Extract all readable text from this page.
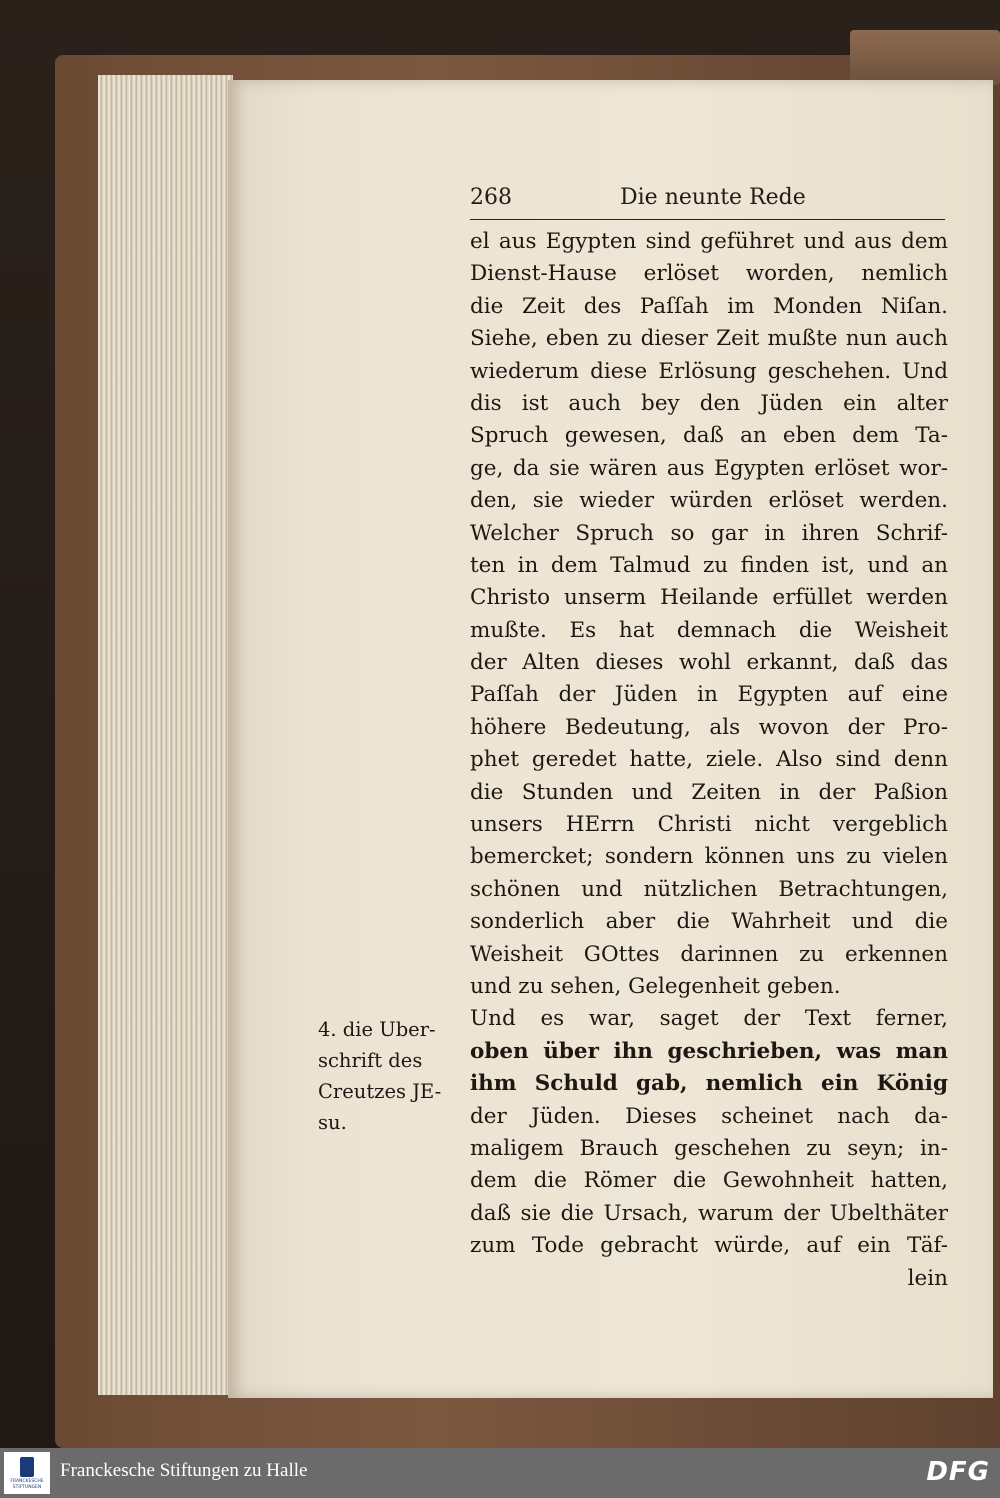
268	Die neunte Rede
el aus Egypten sind geführet und aus dem
Dienst-Hause erlöset worden, nemlich
die Zeit des Paſſah im Monden Niſan.
Siehe, eben zu dieser Zeit mußte nun auch
wiederum diese Erlösung geschehen. Und
dis ist auch bey den Jüden ein alter
Spruch gewesen, daß an eben dem Ta-
ge, da sie wären aus Egypten erlöset wor-
den, sie wieder würden erlöset werden.
Welcher Spruch so gar in ihren Schrif-
ten in dem Talmud zu finden ist, und an
Christo unserm Heilande erfüllet werden
mußte. Es hat demnach die Weisheit
der Alten dieses wohl erkannt, daß das
Paſſah der Jüden in Egypten auf eine
höhere Bedeutung, als wovon der Pro-
phet geredet hatte, ziele. Also sind denn
die Stunden und Zeiten in der Paßion
unsers HErrn Christi nicht vergeblich
bemercket; sondern können uns zu vielen
schönen und nützlichen Betrachtungen,
sonderlich aber die Wahrheit und die
Weisheit GOttes darinnen zu erkennen
und zu sehen, Gelegenheit geben.
Und es war, saget der Text ferner,
oben über ihn geschrieben, was man
ihm Schuld gab, nemlich ein König
der Jüden. Dieses scheinet nach da-
maligem Brauch geschehen zu seyn; in-
dem die Römer die Gewohnheit hatten,
daß sie die Ursach, warum der Ubelthäter
zum Tode gebracht würde, auf ein Täf-
lein
4. die Uber-
schrift des
Creutzes JE-
su.
FRANCKESCHE STIFTUNGEN
Franckesche Stiftungen zu Halle	DFG
